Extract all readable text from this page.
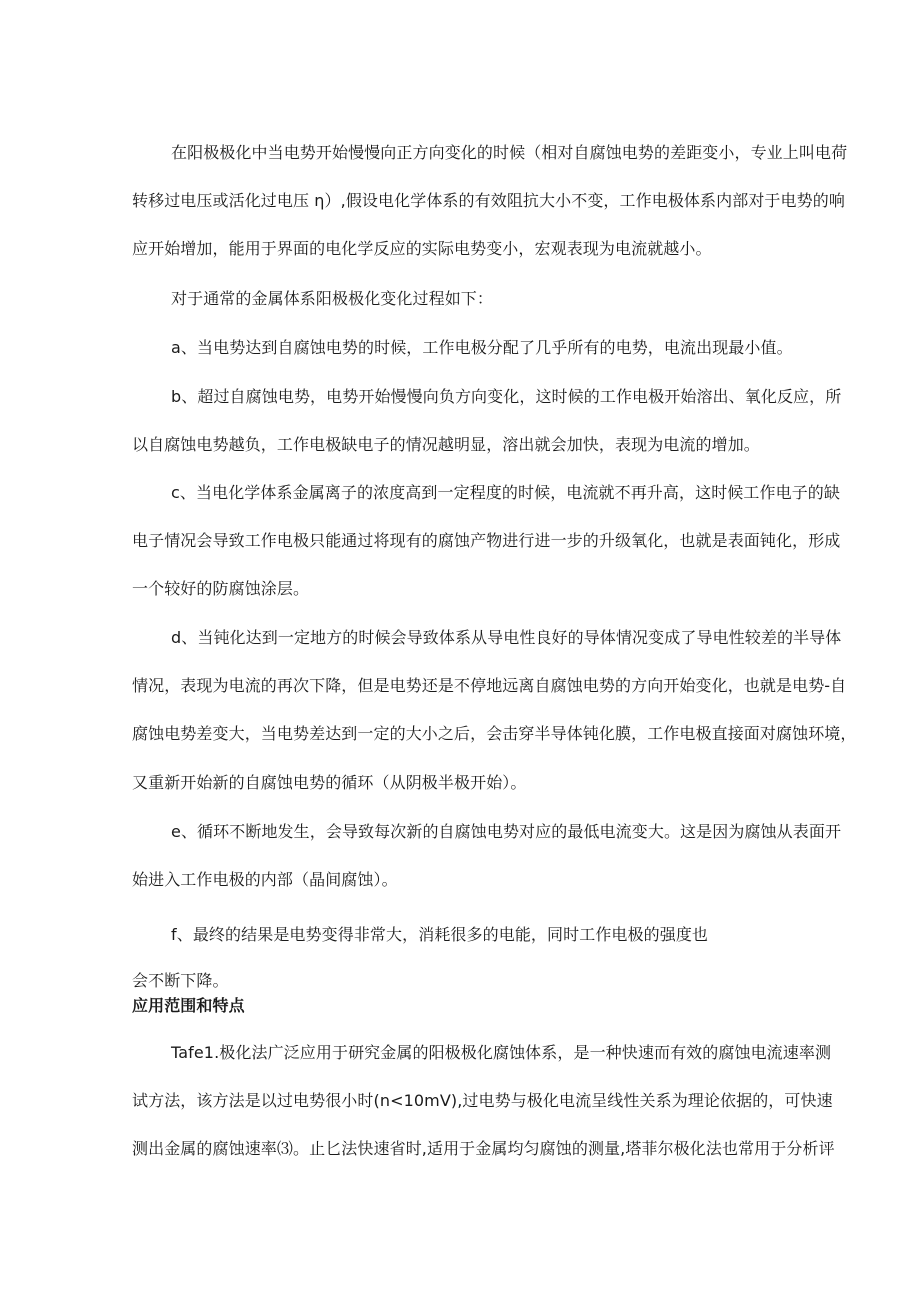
在阳极极化中当电势开始慢慢向正方向变化的时候（相对自腐蚀电势的差距变小，专业上叫电荷
转移过电压或活化过电压 η）,假设电化学体系的有效阻抗大小不变，工作电极体系内部对于电势的响
应开始增加，能用于界面的电化学反应的实际电势变小，宏观表现为电流就越小。
对于通常的金属体系阳极极化变化过程如下：
a、当电势达到自腐蚀电势的时候，工作电极分配了几乎所有的电势，电流出现最小值。
b、超过自腐蚀电势，电势开始慢慢向负方向变化，这时候的工作电极开始溶出、氧化反应，所
以自腐蚀电势越负，工作电极缺电子的情况越明显，溶出就会加快，表现为电流的增加。
c、当电化学体系金属离子的浓度高到一定程度的时候，电流就不再升高，这时候工作电子的缺
电子情况会导致工作电极只能通过将现有的腐蚀产物进行进一步的升级氧化，也就是表面钝化，形成
一个较好的防腐蚀涂层。
d、当钝化达到一定地方的时候会导致体系从导电性良好的导体情况变成了导电性较差的半导体
情况，表现为电流的再次下降，但是电势还是不停地远离自腐蚀电势的方向开始变化，也就是电势-自
腐蚀电势差变大，当电势差达到一定的大小之后，会击穿半导体钝化膜，工作电极直接面对腐蚀环境，
又重新开始新的自腐蚀电势的循环（从阴极半极开始）。
e、循环不断地发生，会导致每次新的自腐蚀电势对应的最低电流变大。这是因为腐蚀从表面开
始进入工作电极的内部（晶间腐蚀）。
f、最终的结果是电势变得非常大，消耗很多的电能，同时工作电极的强度也
会不断下降。
应用范围和特点
Tafe1.极化法广泛应用于研究金属的阳极极化腐蚀体系，是一种快速而有效的腐蚀电流速率测
试方法，该方法是以过电势很小时(n<10mV),过电势与极化电流呈线性关系为理论依据的，可快速
测出金属的腐蚀速率⑶。止匕法快速省时,适用于金属均匀腐蚀的测量,塔菲尔极化法也常用于分析评
